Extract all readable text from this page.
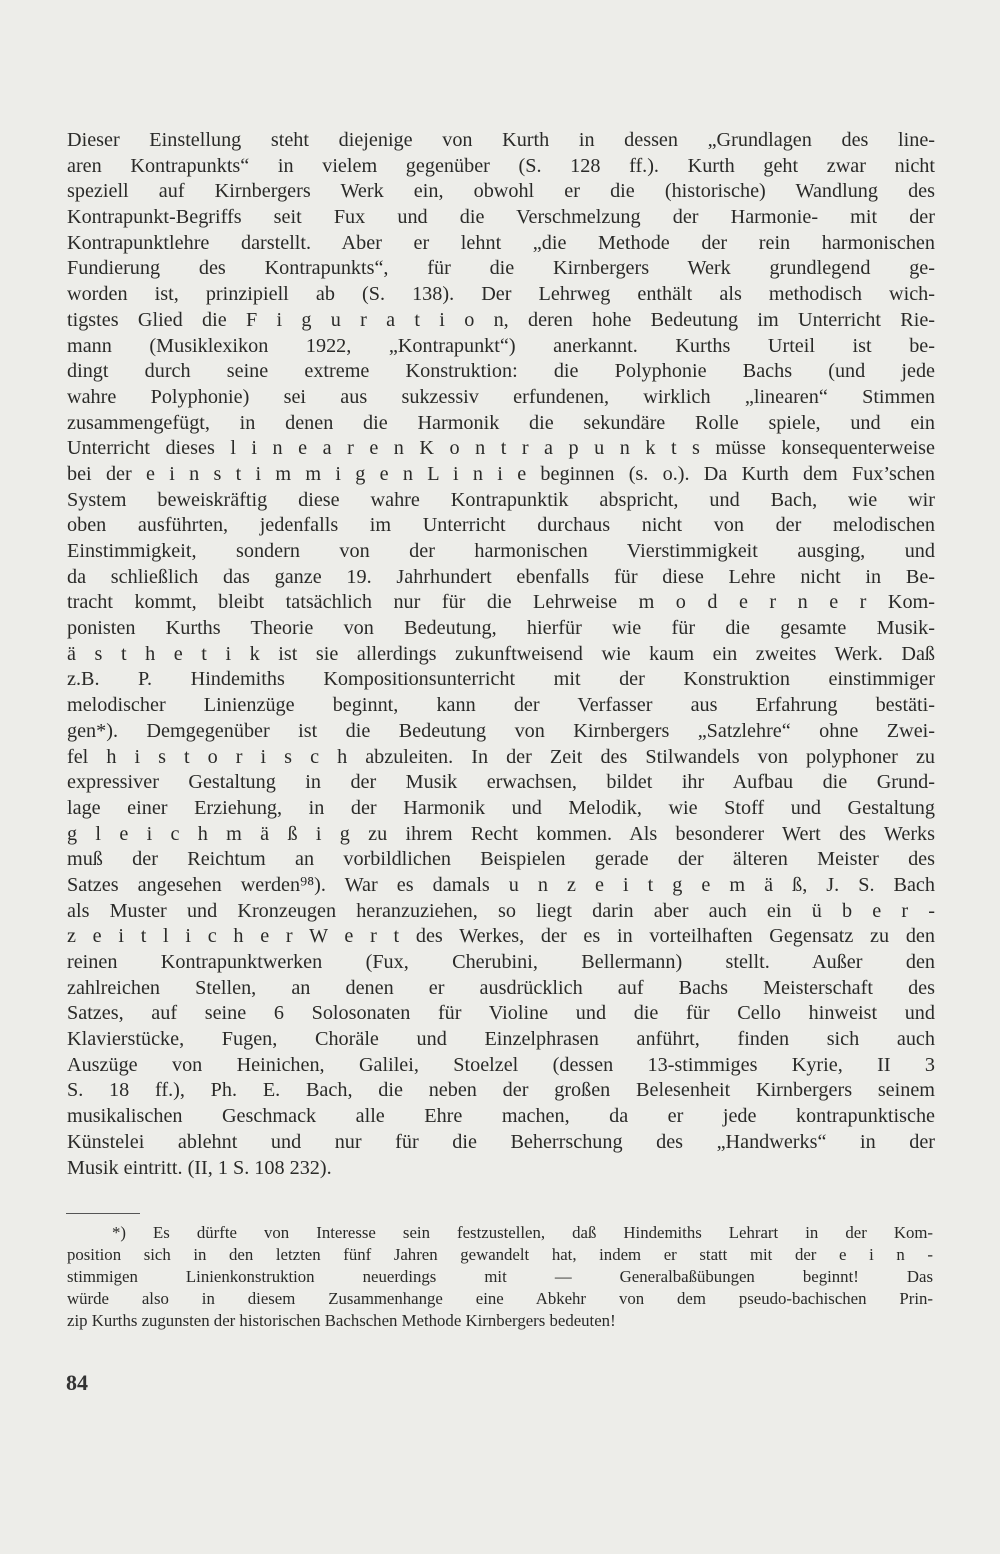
Dieser Einstellung steht diejenige von Kurth in dessen „Grundlagen des line-
aren Kontrapunkts“ in vielem gegenüber (S. 128 ff.). Kurth geht zwar nicht
speziell auf Kirnbergers Werk ein, obwohl er die (historische) Wandlung des
Kontrapunkt-Begriffs seit Fux und die Verschmelzung der Harmonie- mit der
Kontrapunktlehre darstellt. Aber er lehnt „die Methode der rein harmonischen
Fundierung des Kontrapunkts“, für die Kirnbergers Werk grundlegend ge-
worden ist, prinzipiell ab (S. 138). Der Lehrweg enthält als methodisch wich-
tigstes Glied die F i g u r a t i o n, deren hohe Bedeutung im Unterricht Rie-
mann (Musiklexikon 1922, „Kontrapunkt“) anerkannt. Kurths Urteil ist be-
dingt durch seine extreme Konstruktion: die Polyphonie Bachs (und jede
wahre Polyphonie) sei aus sukzessiv erfundenen, wirklich „linearen“ Stimmen
zusammengefügt, in denen die Harmonik die sekundäre Rolle spiele, und ein
Unterricht dieses l i n e a r e n K o n t r a p u n k t s müsse konsequenterweise
bei der e i n s t i m m i g e n L i n i e beginnen (s. o.). Da Kurth dem Fux’schen
System beweiskräftig diese wahre Kontrapunktik abspricht, und Bach, wie wir
oben ausführten, jedenfalls im Unterricht durchaus nicht von der melodischen
Einstimmigkeit, sondern von der harmonischen Vierstimmigkeit ausging, und
da schließlich das ganze 19. Jahrhundert ebenfalls für diese Lehre nicht in Be-
tracht kommt, bleibt tatsächlich nur für die Lehrweise m o d e r n e r Kom-
ponisten Kurths Theorie von Bedeutung, hierfür wie für die gesamte Musik-
ä s t h e t i k ist sie allerdings zukunftweisend wie kaum ein zweites Werk. Daß
z.B. P. Hindemiths Kompositionsunterricht mit der Konstruktion einstimmiger
melodischer Linienzüge beginnt, kann der Verfasser aus Erfahrung bestäti-
gen*). Demgegenüber ist die Bedeutung von Kirnbergers „Satzlehre“ ohne Zwei-
fel h i s t o r i s c h abzuleiten. In der Zeit des Stilwandels von polyphoner zu
expressiver Gestaltung in der Musik erwachsen, bildet ihr Aufbau die Grund-
lage einer Erziehung, in der Harmonik und Melodik, wie Stoff und Gestaltung
g l e i c h m ä ß i g zu ihrem Recht kommen. Als besonderer Wert des Werks
muß der Reichtum an vorbildlichen Beispielen gerade der älteren Meister des
Satzes angesehen werden⁹⁸). War es damals u n z e i t g e m ä ß, J. S. Bach
als Muster und Kronzeugen heranzuziehen, so liegt darin aber auch ein ü b e r -
z e i t l i c h e r W e r t des Werkes, der es in vorteilhaften Gegensatz zu den
reinen Kontrapunktwerken (Fux, Cherubini, Bellermann) stellt. Außer den
zahlreichen Stellen, an denen er ausdrücklich auf Bachs Meisterschaft des
Satzes, auf seine 6 Solosonaten für Violine und die für Cello hinweist und
Klavierstücke, Fugen, Choräle und Einzelphrasen anführt, finden sich auch
Auszüge von Heinichen, Galilei, Stoelzel (dessen 13-stimmiges Kyrie, II 3
S. 18 ff.), Ph. E. Bach, die neben der großen Belesenheit Kirnbergers seinem
musikalischen Geschmack alle Ehre machen, da er jede kontrapunktische
Künstelei ablehnt und nur für die Beherrschung des „Handwerks“ in der
Musik eintritt. (II, 1 S. 108 232).
*) Es dürfte von Interesse sein festzustellen, daß Hindemiths Lehrart in der Kom-
position sich in den letzten fünf Jahren gewandelt hat, indem er statt mit der e i n -
stimmigen Linienkonstruktion neuerdings mit — Generalbaßübungen beginnt! Das
würde also in diesem Zusammenhange eine Abkehr von dem pseudo-bachischen Prin-
zip Kurths zugunsten der historischen Bachschen Methode Kirnbergers bedeuten!
84
